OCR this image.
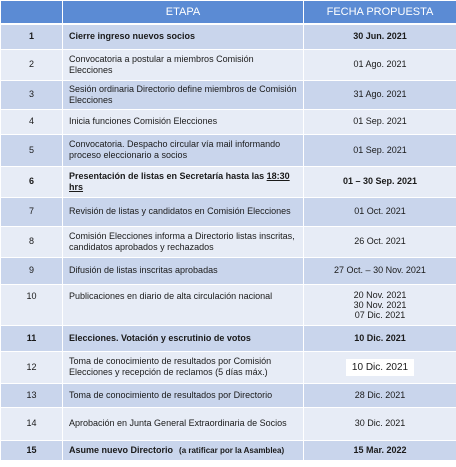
	ETAPA	FECHA PROPUESTA
1	Cierre ingreso nuevos socios	30 Jun. 2021
2	Convocatoria a postular a miembros Comisión Elecciones	01 Ago. 2021
3	Sesión ordinaria Directorio define miembros de Comisión Elecciones	31 Ago. 2021
4	Inicia funciones Comisión Elecciones	01 Sep. 2021
5	Convocatoria. Despacho circular vía mail informando proceso eleccionario a socios	01 Sep. 2021
6	Presentación de listas en Secretaría hasta las 18:30 hrs	01 – 30 Sep. 2021
7	Revisión de listas y candidatos en Comisión Elecciones	01 Oct. 2021
8	Comisión Elecciones informa a Directorio listas inscritas, candidatos aprobados y rechazados	26 Oct. 2021
9	Difusión de listas inscritas aprobadas	27 Oct. – 30 Nov. 2021
10	Publicaciones en diario de alta circulación nacional	20 Nov. 2021
30 Nov. 2021
07 Dic. 2021

11	Elecciones. Votación y escrutinio de votos	10 Dic. 2021
12	Toma de conocimiento de resultados por Comisión Elecciones y recepción de reclamos (5 días máx.)	10 Dic. 2021
13	Toma de conocimiento de resultados por Directorio	28 Dic. 2021
14	Aprobación en Junta General Extraordinaria de Socios	30 Dic. 2021
15	Asume nuevo Directorio (a ratificar por la Asamblea)	15 Mar. 2022
